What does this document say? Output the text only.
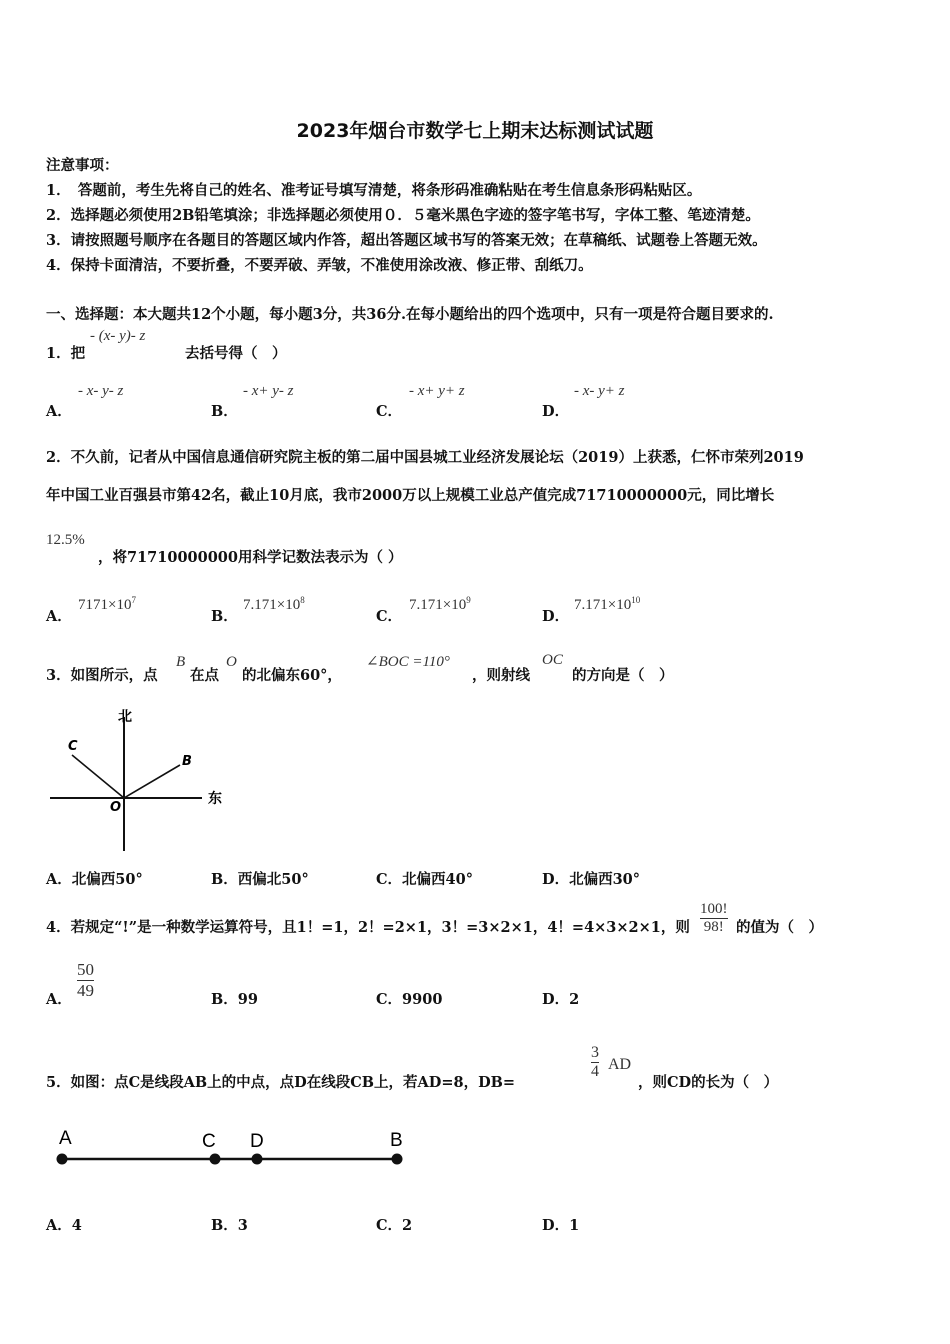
2023年烟台市数学七上期末达标测试试题
注意事项：
1．　答题前，考生先将自己的姓名、准考证号填写清楚，将条形码准确粘贴在考生信息条形码粘贴区。
2．选择题必须使用2B铅笔填涂；非选择题必须使用０．５毫米黑色字迹的签字笔书写，字体工整、笔迹清楚。
3．请按照题号顺序在各题目的答题区域内作答，超出答题区域书写的答案无效；在草稿纸、试题卷上答题无效。
4．保持卡面清洁，不要折叠，不要弄破、弄皱，不准使用涂改液、修正带、刮纸刀。
一、选择题：本大题共12个小题，每小题3分，共36分.在每小题给出的四个选项中，只有一项是符合题目要求的.
1．把
- (x- y)- z
去括号得（　）
A．
- x- y- z
B．
- x+ y- z
C．
- x+ y+ z
D．
- x- y+ z
2．不久前，记者从中国信息通信研究院主板的第二届中国县城工业经济发展论坛（2019）上获悉，仁怀市荣列2019
年中国工业百强县市第42名，截止10月底，我市2000万以上规模工业总产值完成71710000000元，同比增长
12.5%
，将71710000000用科学记数法表示为（ ）
A．
$7171\times 10^7$
B．
$7.171\times 10^8$
C．
$7.171\times 10^9$
D．
$7.171\times 10^{10}$
3．如图所示，点
B
在点
O
的北偏东60°，
∠BOC =110°
，则射线
OC
的方向是（　）
北
东
C
B
O
A．北偏西50°	B．西偏北50°	C．北偏西40°	D．北偏西30°
4．若规定“!”是一种数学运算符号，且1！=1，2！=2×1，3！=3×2×1，4！=4×3×2×1，则
100!
98! 的值为（　）
A．
50
49	B．99	C．9900	D．2
5．如图：点C是线段AB上的中点，点D在线段CB上，若AD=8，DB=
3
4 AD
，则CD的长为（　）
A	C D	B
A．4	B．3	C．2	D．1
